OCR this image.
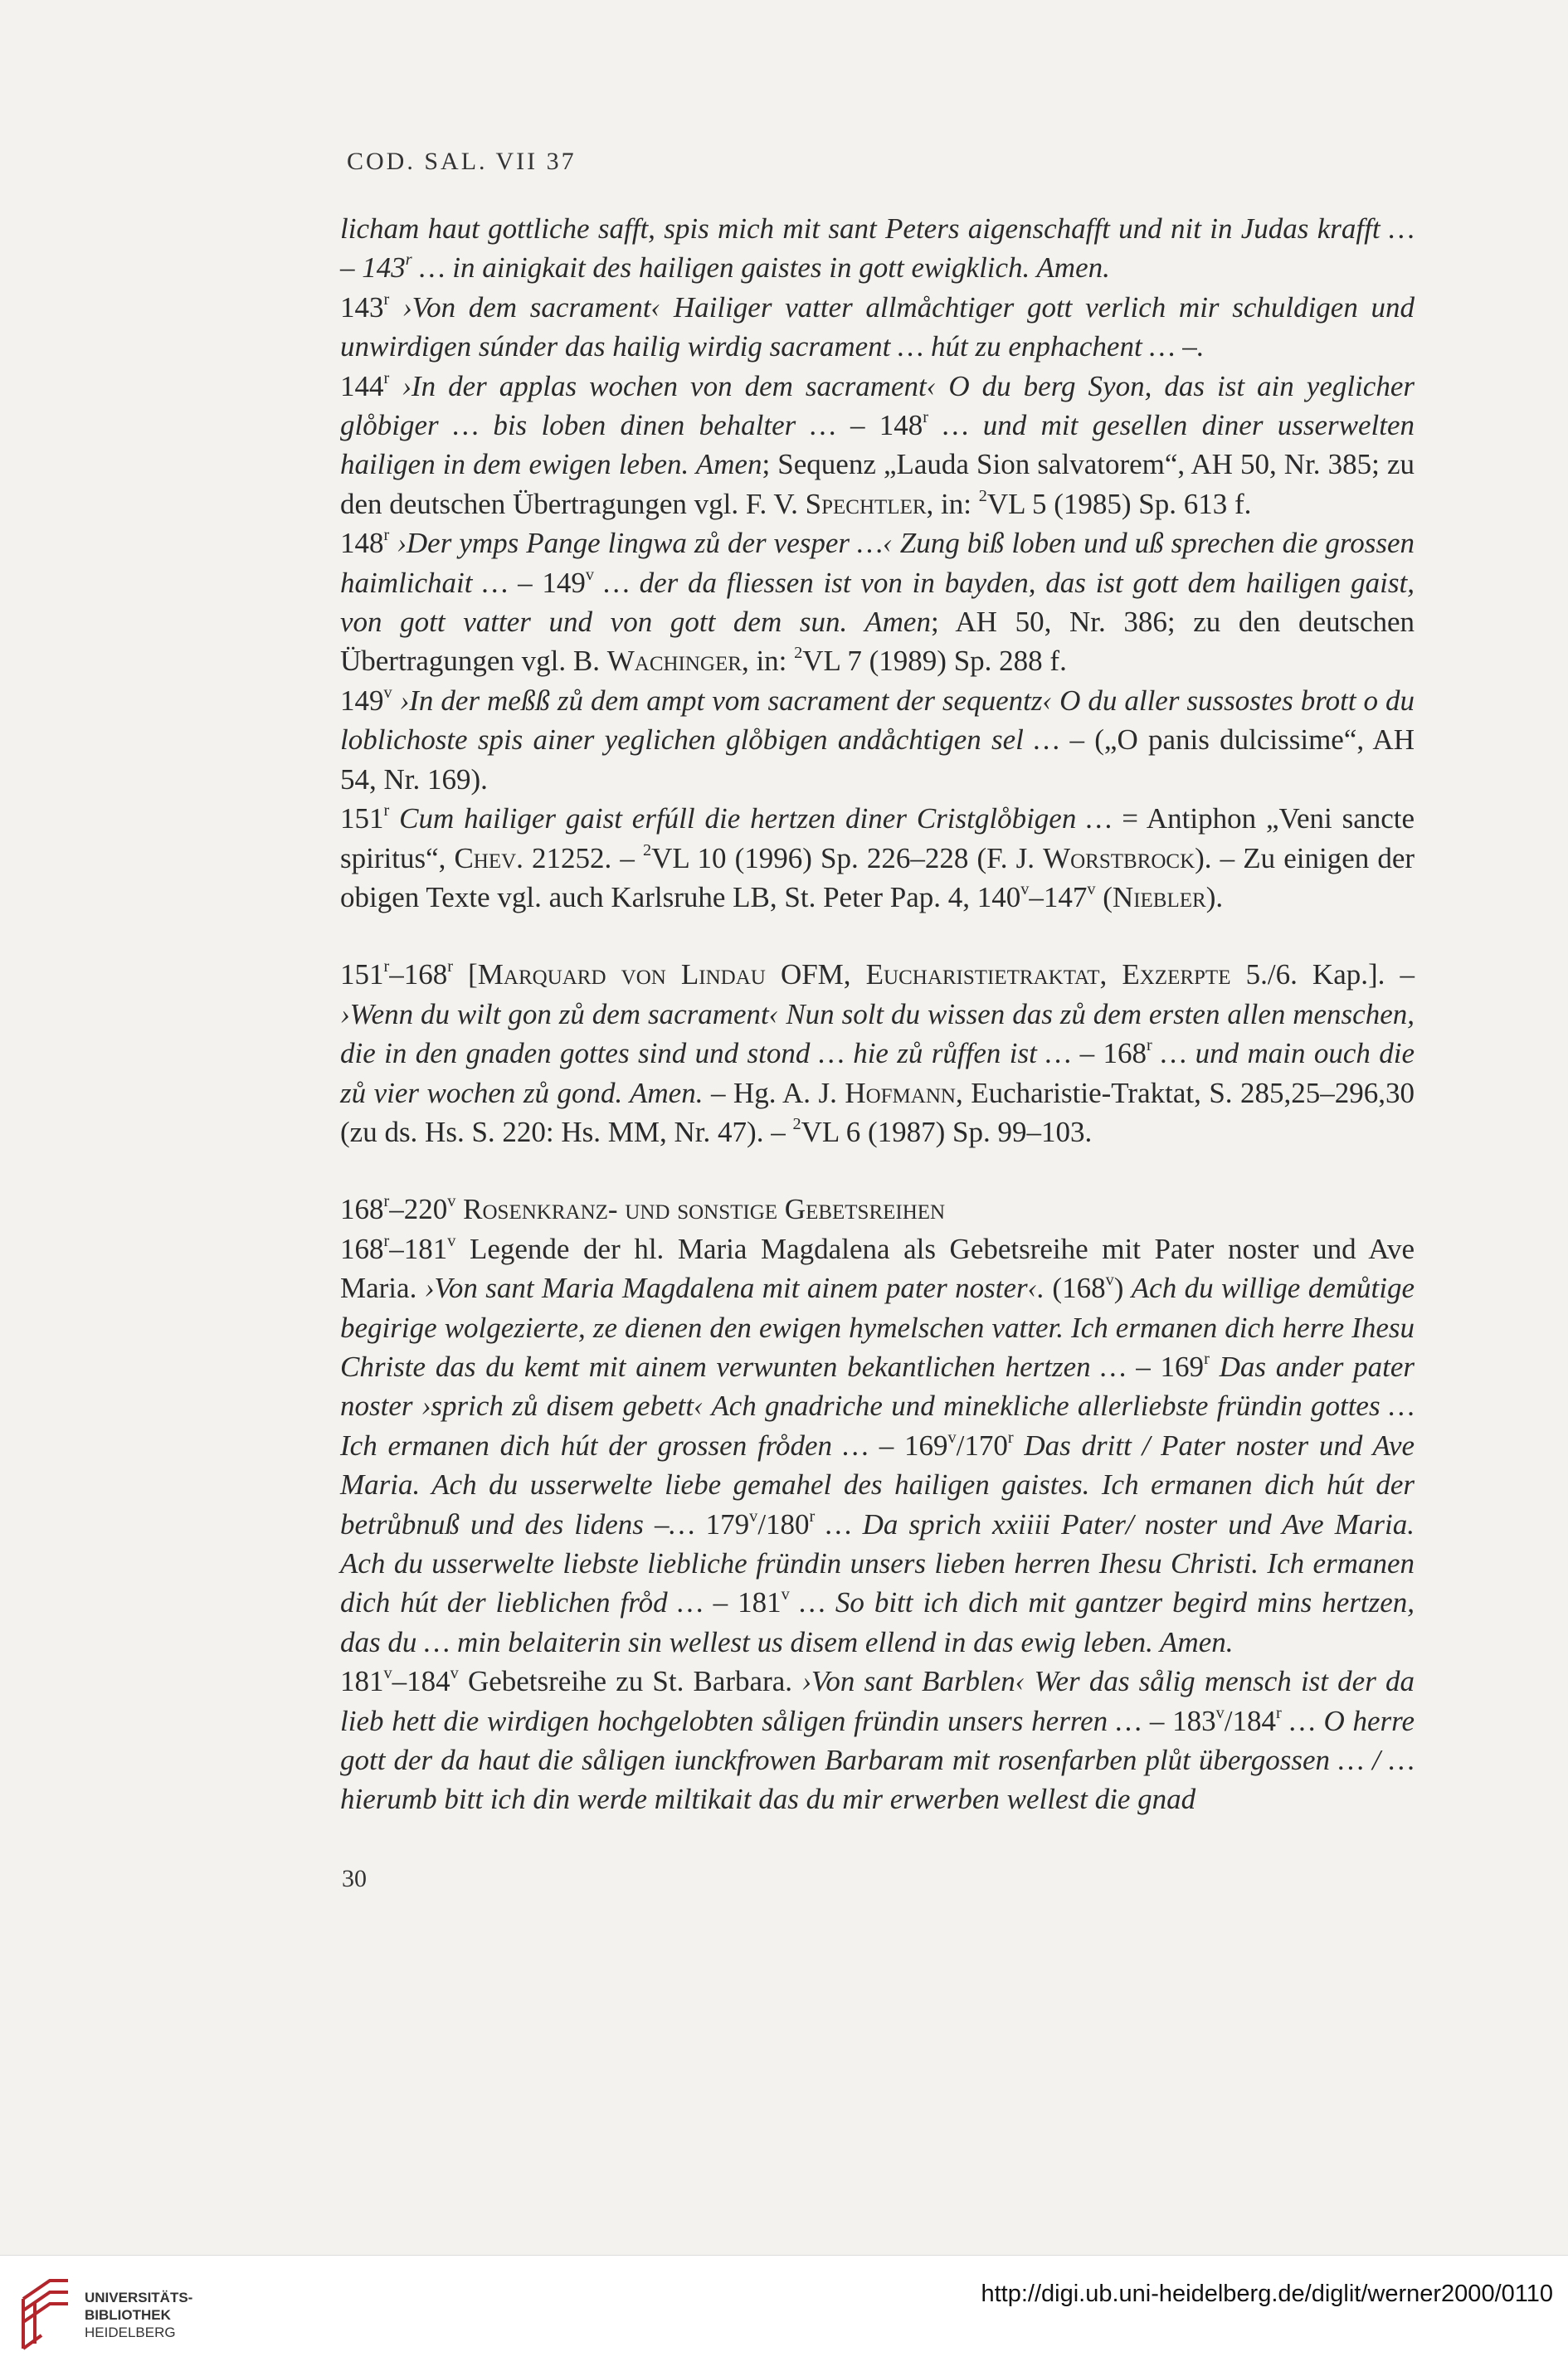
COD. SAL. VII 37

licham haut gottliche safft, spis mich mit sant Peters aigenschafft und nit in Judas krafft … – 143$^r$ … in ainigkait des hailigen gaistes in gott ewigklich. Amen.

143$^r$ ›Von dem sacrament‹ Hailiger vatter allmåchtiger gott verlich mir schuldigen und unwirdigen súnder das hailig wirdig sacrament … hút zu enphachent … –.

144$^r$ ›In der applas wochen von dem sacrament‹ O du berg Syon, das ist ain yeglicher glo̊biger … bis loben dinen behalter … – 148$^r$ … und mit gesellen diner usserwelten hailigen in dem ewigen leben. Amen; Sequenz „Lauda Sion salvatorem“, AH 50, Nr. 385; zu den deutschen Übertragungen vgl. F. V. Spechtler, in: $^2$VL 5 (1985) Sp. 613 f.

148$^r$ ›Der ymps Pange lingwa zů der vesper …‹ Zung biß loben und uß sprechen die grossen haimlichait … – 149$^v$ … der da fliessen ist von in bayden, das ist gott dem hailigen gaist, von gott vatter und von gott dem sun. Amen; AH 50, Nr. 386; zu den deutschen Übertragungen vgl. B. Wachinger, in: $^2$VL 7 (1989) Sp. 288 f.

149$^v$ ›In der meßß zů dem ampt vom sacrament der sequentz‹ O du aller sussostes brott o du loblichoste spis ainer yeglichen glo̊bigen andåchtigen sel … – („O panis dulcissime“, AH 54, Nr. 169).

151$^r$ Cum hailiger gaist erfúll die hertzen diner Cristglo̊bigen … = Antiphon „Veni sancte spiritus“, Chev. 21252. – $^2$VL 10 (1996) Sp. 226–228 (F. J. Worstbrock). – Zu einigen der obigen Texte vgl. auch Karlsruhe LB, St. Peter Pap. 4, 140$^v$–147$^v$ (Niebler).

151$^r$–168$^r$ [Marquard von Lindau OFM, Eucharistietraktat, Exzerpte 5./6. Kap.]. – ›Wenn du wilt gon zů dem sacrament‹ Nun solt du wissen das zů dem ersten allen menschen, die in den gnaden gottes sind und stond … hie zů růffen ist … – 168$^r$ … und main ouch die zů vier wochen zů gond. Amen. – Hg. A. J. Hofmann, Eucharistie-Traktat, S. 285,25–296,30 (zu ds. Hs. S. 220: Hs. MM, Nr. 47). – $^2$VL 6 (1987) Sp. 99–103.

168$^r$–220$^v$ Rosenkranz- und sonstige Gebetsreihen

168$^r$–181$^v$ Legende der hl. Maria Magdalena als Gebetsreihe mit Pater noster und Ave Maria. ›Von sant Maria Magdalena mit ainem pater noster‹. (168$^v$) Ach du willige demůtige begirige wolgezierte, ze dienen den ewigen hymelschen vatter. Ich ermanen dich herre Ihesu Christe das du kemt mit ainem verwunten bekantlichen hertzen … – 169$^r$ Das ander pater noster ›sprich zů disem gebett‹ Ach gnadriche und minekliche allerliebste fründin gottes … Ich ermanen dich hút der grossen fro̊den … – 169$^v$/170$^r$ Das dritt / Pater noster und Ave Maria. Ach du usserwelte liebe gemahel des hailigen gaistes. Ich ermanen dich hút der betrůbnuß und des lidens –… 179$^v$/180$^r$ … Da sprich xxiiii Pater/ noster und Ave Maria. Ach du usserwelte liebste liebliche fründin unsers lieben herren Ihesu Christi. Ich ermanen dich hút der lieblichen fro̊d … – 181$^v$ … So bitt ich dich mit gantzer begird mins hertzen, das du … min belaiterin sin wellest us disem ellend in das ewig leben. Amen.

181$^v$–184$^v$ Gebetsreihe zu St. Barbara. ›Von sant Barblen‹ Wer das sålig mensch ist der da lieb hett die wirdigen hochgelobten såligen fründin unsers herren … – 183$^v$/184$^r$ … O herre gott der da haut die såligen iunckfrowen Barbaram mit rosenfarben plůt übergossen … / … hierumb bitt ich din werde miltikait das du mir erwerben wellest die gnad

30
UNIVERSITÄTS-
BIBLIOTHEK
HEIDELBERG
http://digi.ub.uni-heidelberg.de/diglit/werner2000/0110
